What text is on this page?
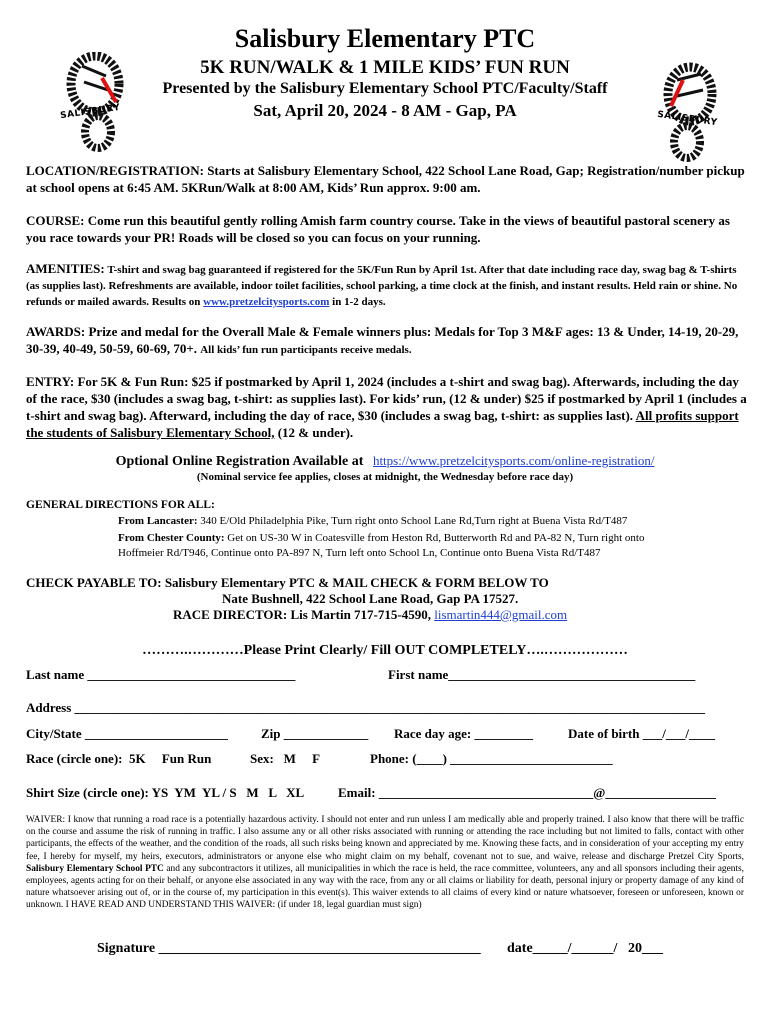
SALISBURY	SALISBURY
Salisbury Elementary PTC
5K RUN/WALK & 1 MILE KIDS’ FUN RUN
Presented by the Salisbury Elementary School PTC/Faculty/Staff
Sat, April 20, 2024 - 8 AM - Gap, PA
LOCATION/REGISTRATION: Starts at Salisbury Elementary School, 422 School Lane Road, Gap; Registration/number pickup at school opens at 6:45 AM. 5KRun/Walk at 8:00 AM, Kids’ Run approx. 9:00 am.
COURSE: Come run this beautiful gently rolling Amish farm country course. Take in the views of beautiful pastoral scenery as you race towards your PR! Roads will be closed so you can focus on your running.
AMENITIES: T-shirt and swag bag guaranteed if registered for the 5K/Fun Run by April 1st. After that date including race day, swag bag & T-shirts (as supplies last). Refreshments are available, indoor toilet facilities, school parking, a time clock at the finish, and instant results. Held rain or shine. No refunds or mailed awards. Results on www.pretzelcitysports.com in 1-2 days.
AWARDS: Prize and medal for the Overall Male & Female winners plus: Medals for Top 3 M&F ages: 13 & Under, 14-19, 20-29, 30-39, 40-49, 50-59, 60-69, 70+. All kids’ fun run participants receive medals.
ENTRY: For 5K & Fun Run: $25 if postmarked by April 1, 2024 (includes a t-shirt and swag bag). Afterwards, including the day of the race, $30 (includes a swag bag, t-shirt: as supplies last). For kids’ run, (12 & under) $25 if postmarked by April 1 (includes a t-shirt and swag bag). Afterward, including the day of race, $30 (includes a swag bag, t-shirt: as supplies last). All profits support the students of Salisbury Elementary School, (12 & under).
Optional Online Registration Available at https://www.pretzelcitysports.com/online-registration/
(Nominal service fee applies, closes at midnight, the Wednesday before race day)
GENERAL DIRECTIONS FOR ALL:
From Lancaster: 340 E/Old Philadelphia Pike, Turn right onto School Lane Rd,Turn right at Buena Vista Rd/T487
From Chester County: Get on US-30 W in Coatesville from Heston Rd, Butterworth Rd and PA-82 N, Turn right onto
Hoffmeier Rd/T946, Continue onto PA-897 N, Turn left onto School Ln, Continue onto Buena Vista Rd/T487
CHECK PAYABLE TO: Salisbury Elementary PTC & MAIL CHECK & FORM BELOW TO
Nate Bushnell, 422 School Lane Road, Gap PA 17527.
RACE DIRECTOR: Lis Martin 717-715-4590, lismartin444@gmail.com
……….…………Please Print Clearly/ Fill OUT COMPLETELY….………………
Last name ________________________________	First name______________________________________
Address _________________________________________________________________________________________________
City/State ______________________	Zip _____________ Race day age: _________	Date of birth ___/___/____
Race (circle one):  5K     Fun Run	Sex:   M     F	Phone: (____) _________________________
Shirt Size (circle one): YS  YM  YL / S   M   L   XL	Email: _________________________________@_________________
WAIVER: I know that running a road race is a potentially hazardous activity. I should not enter and run unless I am medically able and properly trained. I also know that there will be traffic on the course and assume the risk of running in traffic. I also assume any or all other risks associated with running or attending the race including but not limited to falls, contact with other participants, the effects of the weather, and the condition of the roads, all such risks being known and appreciated by me. Knowing these facts, and in consideration of your accepting my entry fee, I hereby for myself, my heirs, executors, administrators or anyone else who might claim on my behalf, covenant not to sue, and waive, release and discharge Pretzel City Sports, Salisbury Elementary School PTC and any subcontractors it utilizes, all municipalities in which the race is held, the race committee, volunteers, any and all sponsors including their agents, employees, agents acting for on their behalf, or anyone else associated in any way with the race, from any or all claims or liability for death, personal injury or property damage of any kind of nature whatsoever arising out of, or in the course of, my participation in this event(s). This waiver extends to all claims of every kind or nature whatsoever, foreseen or unforeseen, known or unknown. I HAVE READ AND UNDERSTAND THIS WAIVER: (if under 18, legal guardian must sign)
Signature ______________________________________________ date_____/______/   20___
